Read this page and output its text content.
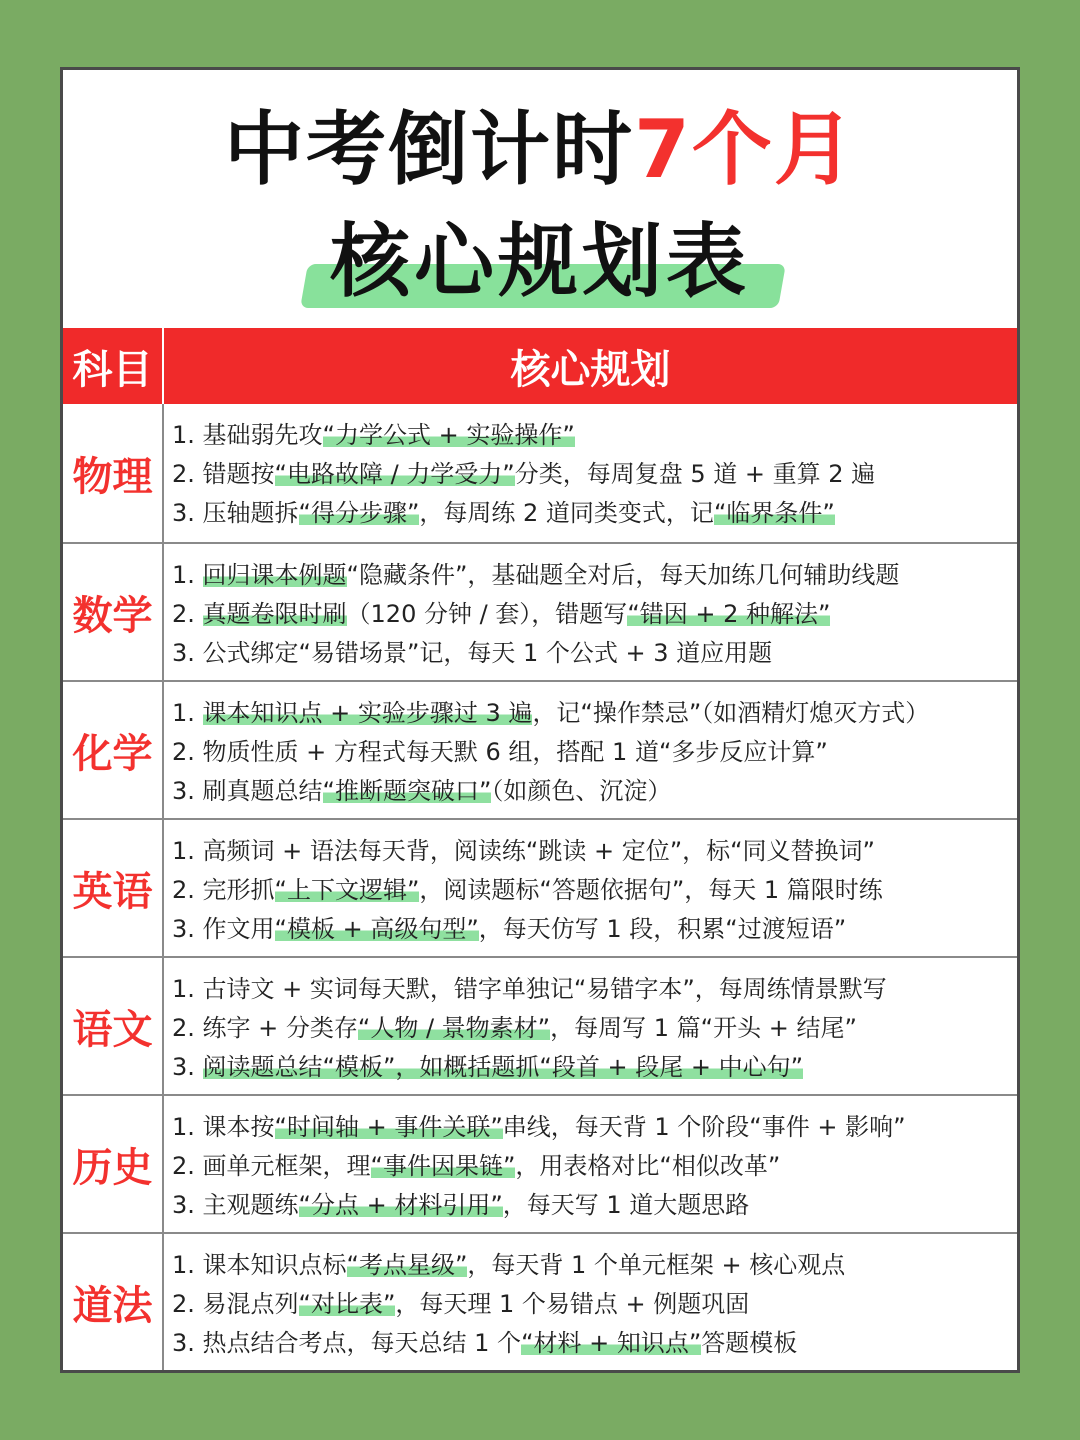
中考倒计时7个月
核心规划表
科目	核心规划
物理
1. 基础弱先攻“力学公式 + 实验操作”
2. 错题按“电路故障 / 力学受力”分类，每周复盘 5 道 + 重算 2 遍
3. 压轴题拆“得分步骤”，每周练 2 道同类变式，记“临界条件”
数学
1. 回归课本例题“隐藏条件”，基础题全对后，每天加练几何辅助线题
2. 真题卷限时刷（120 分钟 / 套），错题写“错因 + 2 种解法”
3. 公式绑定“易错场景”记，每天 1 个公式 + 3 道应用题
化学
1. 课本知识点 + 实验步骤过 3 遍，记“操作禁忌”（如酒精灯熄灭方式）
2. 物质性质 + 方程式每天默 6 组，搭配 1 道“多步反应计算”
3. 刷真题总结“推断题突破口”（如颜色、沉淀）
英语
1. 高频词 + 语法每天背，阅读练“跳读 + 定位”，标“同义替换词”
2. 完形抓“上下文逻辑”，阅读题标“答题依据句”，每天 1 篇限时练
3. 作文用“模板 + 高级句型”，每天仿写 1 段，积累“过渡短语”
语文
1. 古诗文 + 实词每天默，错字单独记“易错字本”，每周练情景默写
2. 练字 + 分类存“人物 / 景物素材”，每周写 1 篇“开头 + 结尾”
3. 阅读题总结“模板”，如概括题抓“段首 + 段尾 + 中心句”
历史
1. 课本按“时间轴 + 事件关联”串线，每天背 1 个阶段“事件 + 影响”
2. 画单元框架，理“事件因果链”，用表格对比“相似改革”
3. 主观题练“分点 + 材料引用”，每天写 1 道大题思路
道法
1. 课本知识点标“考点星级”，每天背 1 个单元框架 + 核心观点
2. 易混点列“对比表”，每天理 1 个易错点 + 例题巩固
3. 热点结合考点，每天总结 1 个“材料 + 知识点”答题模板
